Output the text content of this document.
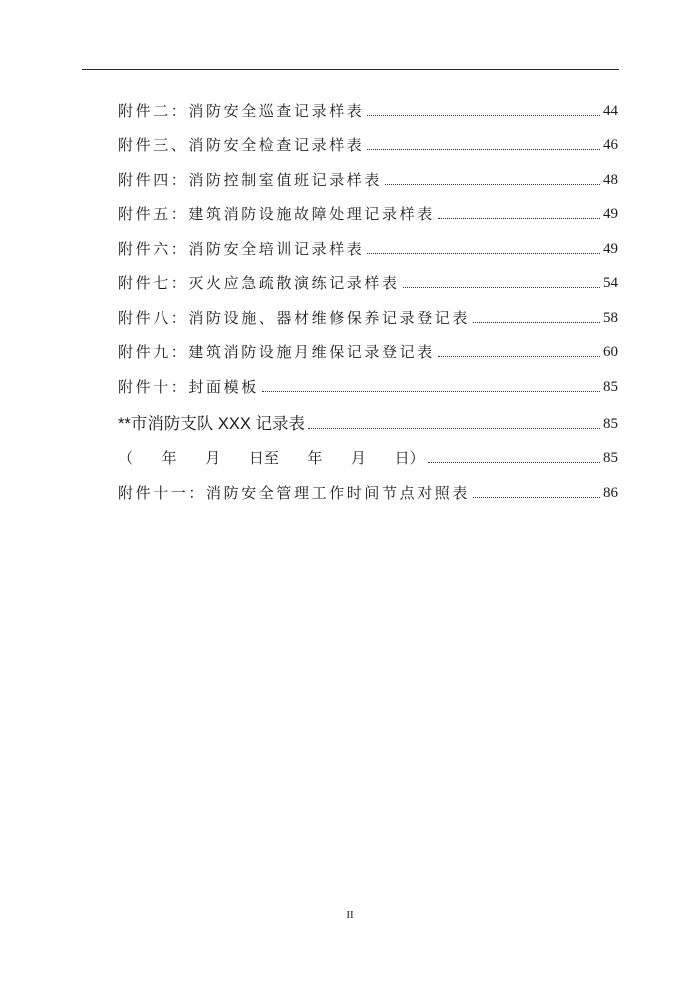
附件二：消防安全巡查记录样表	44
附件三、消防安全检查记录样表	46
附件四：消防控制室值班记录样表	48
附件五：建筑消防设施故障处理记录样表	49
附件六：消防安全培训记录样表	49
附件七：灭火应急疏散演练记录样表	54
附件八：消防设施、器材维修保养记录登记表	58
附件九：建筑消防设施月维保记录登记表	60
附件十：封面模板	85
**市消防支队 XXX 记录表	85
（      年      月      日至      年      月      日）	85
附件十一：消防安全管理工作时间节点对照表	86
II
